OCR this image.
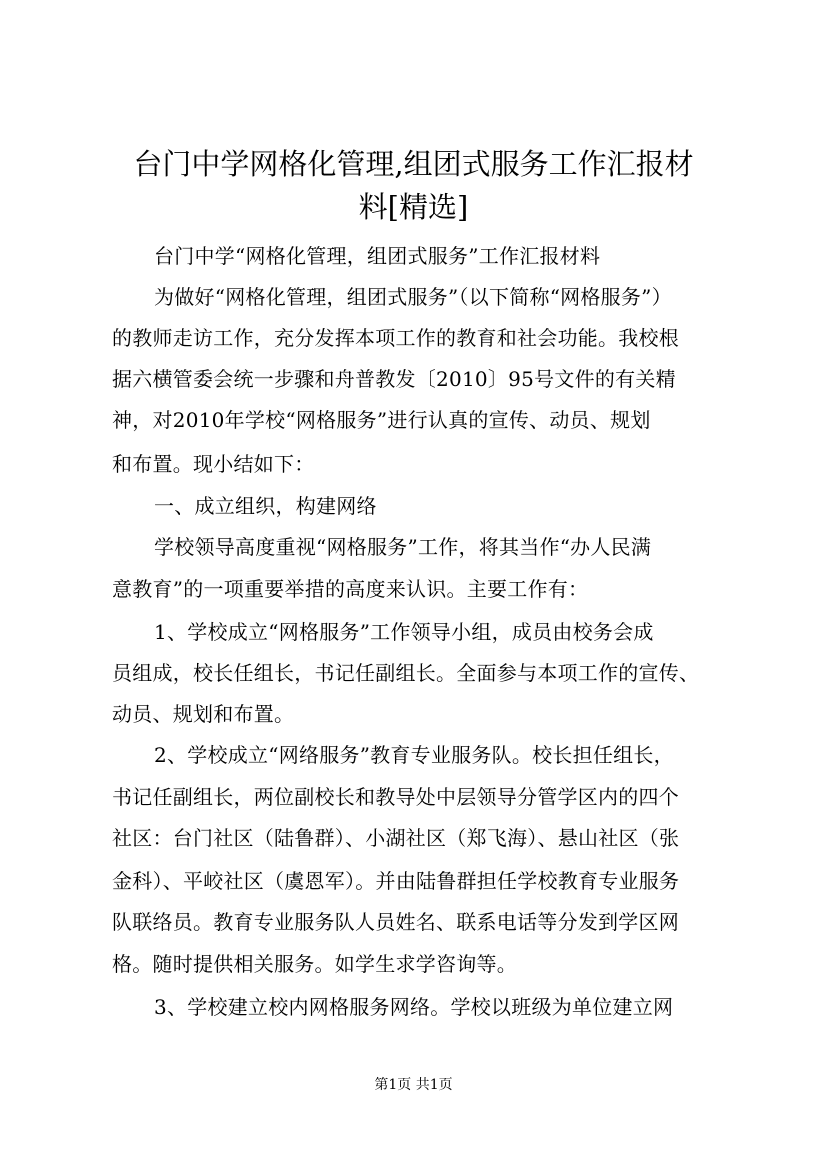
台门中学网格化管理,组团式服务工作汇报材
料[精选]
台门中学“网格化管理，组团式服务”工作汇报材料
为做好“网格化管理，组团式服务”（以下简称“网格服务”）
的教师走访工作，充分发挥本项工作的教育和社会功能。我校根
据六横管委会统一步骤和舟普教发〔2010〕95号文件的有关精
神，对2010年学校“网格服务”进行认真的宣传、动员、规划
和布置。现小结如下：
一、成立组织，构建网络
学校领导高度重视“网格服务”工作，将其当作“办人民满
意教育”的一项重要举措的高度来认识。主要工作有：
1、学校成立“网格服务”工作领导小组，成员由校务会成
员组成，校长任组长，书记任副组长。全面参与本项工作的宣传、
动员、规划和布置。
2、学校成立“网络服务”教育专业服务队。校长担任组长，
书记任副组长，两位副校长和教导处中层领导分管学区内的四个
社区：台门社区（陆鲁群）、小湖社区（郑飞海）、悬山社区（张
金科）、平峧社区（虞恩军）。并由陆鲁群担任学校教育专业服务
队联络员。教育专业服务队人员姓名、联系电话等分发到学区网
格。随时提供相关服务。如学生求学咨询等。
3、学校建立校内网格服务网络。学校以班级为单位建立网
第1页 共1页
